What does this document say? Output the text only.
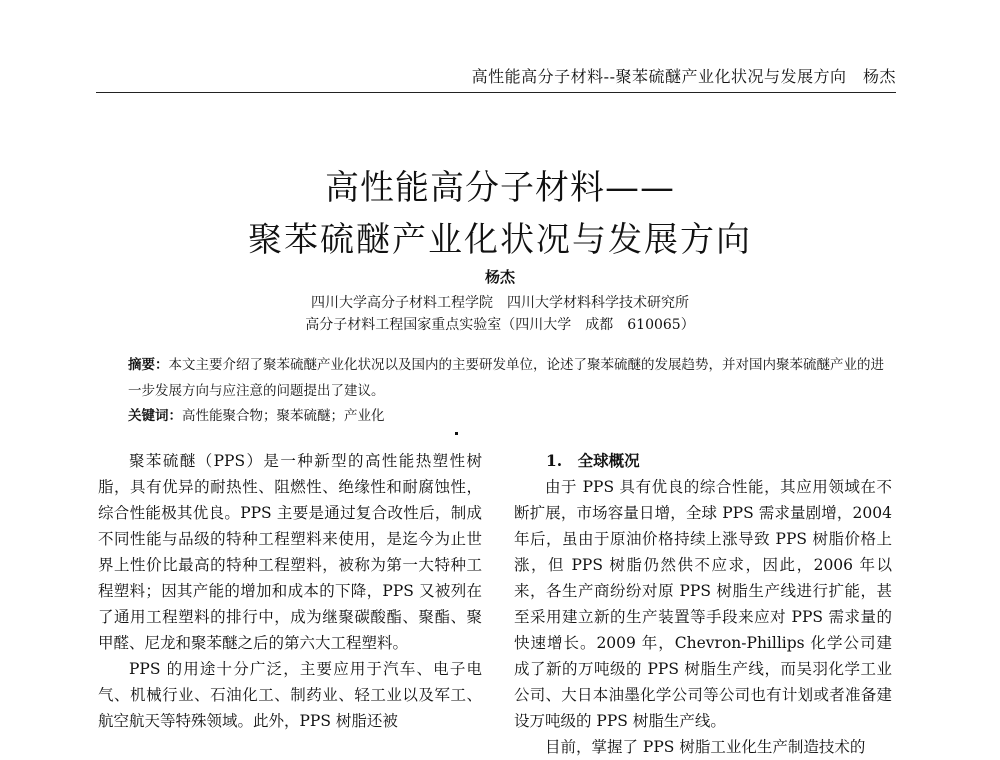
高性能高分子材料--聚苯硫醚产业化状况与发展方向　杨杰
高性能高分子材料——
聚苯硫醚产业化状况与发展方向
杨杰
四川大学高分子材料工程学院　四川大学材料科学技术研究所
高分子材料工程国家重点实验室（四川大学　成都　610065）
摘要：本文主要介绍了聚苯硫醚产业化状况以及国内的主要研发单位，论述了聚苯硫醚的发展趋势，并对国内聚苯硫醚产业的进一步发展方向与应注意的问题提出了建议。
关键词：高性能聚合物；聚苯硫醚；产业化

聚苯硫醚（PPS）是一种新型的高性能热塑性树脂，具有优异的耐热性、阻燃性、绝缘性和耐腐蚀性，综合性能极其优良。PPS 主要是通过复合改性后，制成不同性能与品级的特种工程塑料来使用，是迄今为止世界上性价比最高的特种工程塑料，被称为第一大特种工程塑料；因其产能的增加和成本的下降，PPS 又被列在了通用工程塑料的排行中，成为继聚碳酸酯、聚酯、聚甲醛、尼龙和聚苯醚之后的第六大工程塑料。

PPS 的用途十分广泛，主要应用于汽车、电子电气、机械行业、石油化工、制药业、轻工业以及军工、航空航天等特殊领域。此外，PPS 树脂还被

1.　全球概况

由于 PPS 具有优良的综合性能，其应用领域在不断扩展，市场容量日增，全球 PPS 需求量剧增，2004 年后，虽由于原油价格持续上涨导致 PPS 树脂价格上涨，但 PPS 树脂仍然供不应求，因此，2006 年以来，各生产商纷纷对原 PPS 树脂生产线进行扩能，甚至采用建立新的生产装置等手段来应对 PPS 需求量的快速增长。2009 年，Chevron-Phillips 化学公司建成了新的万吨级的 PPS 树脂生产线，而吴羽化学工业公司、大日本油墨化学公司等公司也有计划或者准备建设万吨级的 PPS 树脂生产线。

目前，掌握了 PPS 树脂工业化生产制造技术的
